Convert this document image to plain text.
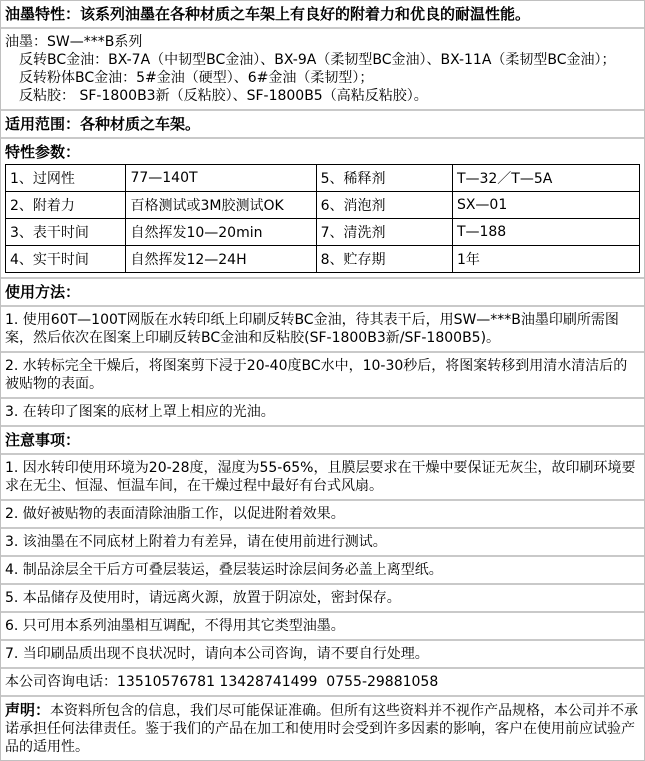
油墨特性：该系列油墨在各种材质之车架上有良好的附着力和优良的耐温性能。

油墨：SW—***B系列

反转BC金油：BX-7A（中韧型BC金油）、BX-9A（柔韧型BC金油）、BX-11A（柔韧型BC金油）；

反转粉体BC金油：5#金油（硬型）、6#金油（柔韧型）；

反粘胶： SF-1800B3新（反粘胶）、SF-1800B5（高粘反粘胶）。

适用范围：各种材质之车架。

特性参数：

1、过网性	77—140T	5、稀释剂	T—32／T—5A
2、附着力	百格测试或3M胶测试OK	6、消泡剂	SX—01
3、表干时间	自然挥发10—20min	7、清洗剂	T—188
4、实干时间	自然挥发12—24H	8、贮存期	1年

使用方法：

1. 使用60T—100T网版在水转印纸上印刷反转BC金油，待其表干后，用SW—***B油墨印刷所需图案，然后依次在图案上印刷反转BC金油和反粘胶(SF-1800B3新/SF-1800B5)。

2. 水转标完全干燥后，将图案剪下浸于20-40度BC水中，10-30秒后，将图案转移到用清水清洁后的被贴物的表面。

3. 在转印了图案的底材上罩上相应的光油。

注意事项：

1. 因水转印使用环境为20-28度，湿度为55-65%，且膜层要求在干燥中要保证无灰尘，故印刷环境要求在无尘、恒湿、恒温车间，在干燥过程中最好有台式风扇。

2. 做好被贴物的表面清除油脂工作，以促进附着效果。

3. 该油墨在不同底材上附着力有差异，请在使用前进行测试。

4. 制品涂层全干后方可叠层装运，叠层装运时涂层间务必盖上离型纸。

5. 本品储存及使用时，请远离火源，放置于阴凉处，密封保存。

6. 只可用本系列油墨相互调配，不得用其它类型油墨。

7. 当印刷品质出现不良状况时，请向本公司咨询，请不要自行处理。

本公司咨询电话：13510576781 13428741499  0755-29881058

声明：本资料所包含的信息，我们尽可能保证准确。但所有这些资料并不视作产品规格，本公司并不承诺承担任何法律责任。鉴于我们的产品在加工和使用时会受到许多因素的影响，客户在使用前应试验产品的适用性。
